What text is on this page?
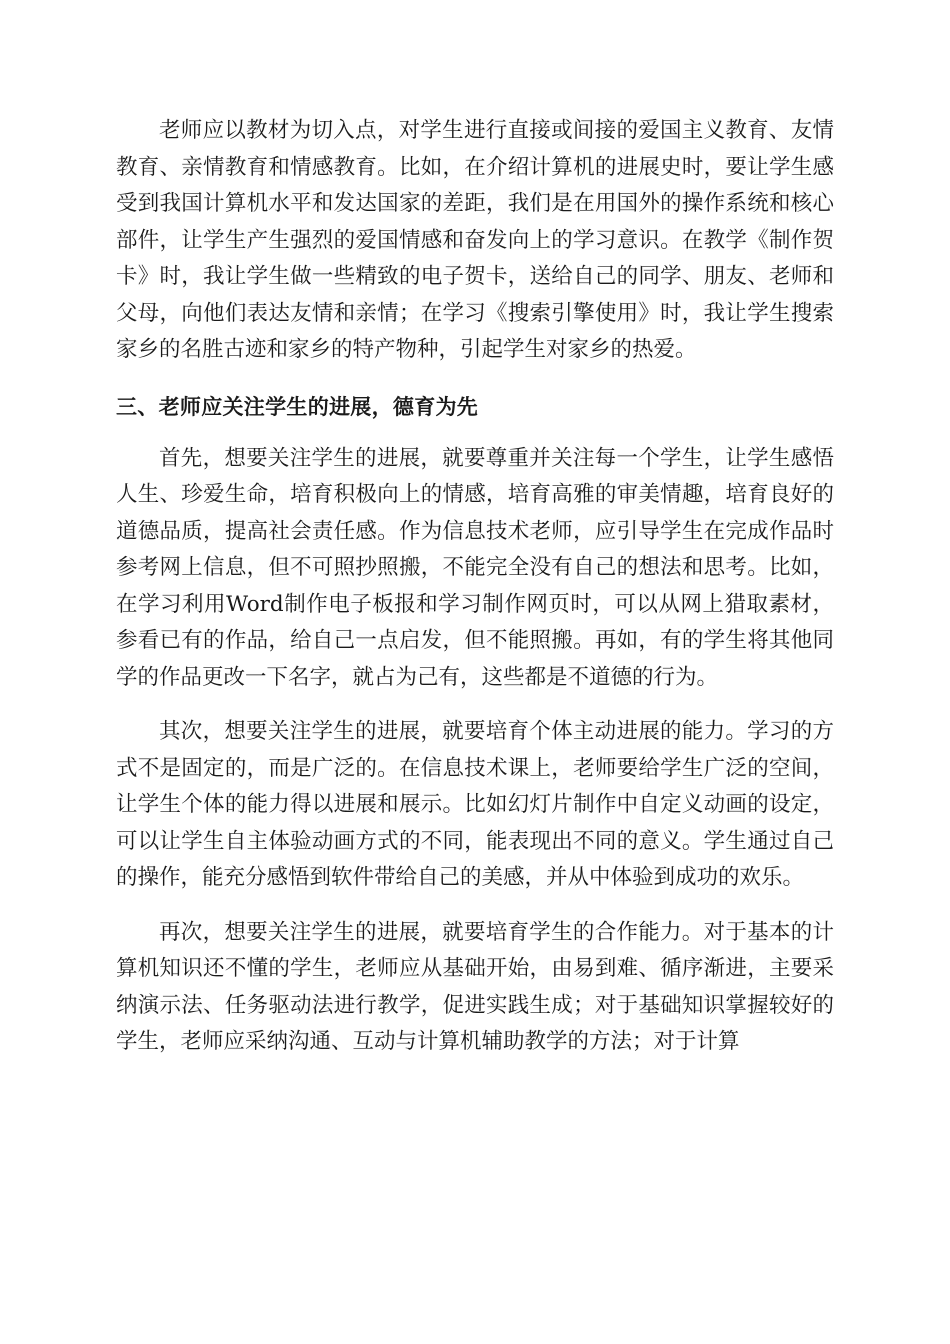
老师应以教材为切入点，对学生进行直接或间接的爱国主义教育、友情教育、亲情教育和情感教育。比如，在介绍计算机的进展史时，要让学生感受到我国计算机水平和发达国家的差距，我们是在用国外的操作系统和核心部件，让学生产生强烈的爱国情感和奋发向上的学习意识。在教学《制作贺卡》时，我让学生做一些精致的电子贺卡，送给自己的同学、朋友、老师和父母，向他们表达友情和亲情；在学习《搜索引擎使用》时，我让学生搜索家乡的名胜古迹和家乡的特产物种，引起学生对家乡的热爱。

三、老师应关注学生的进展，德育为先

首先，想要关注学生的进展，就要尊重并关注每一个学生，让学生感悟人生、珍爱生命，培育积极向上的情感，培育高雅的审美情趣，培育良好的道德品质，提高社会责任感。作为信息技术老师，应引导学生在完成作品时参考网上信息，但不可照抄照搬，不能完全没有自己的想法和思考。比如，在学习利用Word制作电子板报和学习制作网页时，可以从网上猎取素材，参看已有的作品，给自己一点启发，但不能照搬。再如，有的学生将其他同学的作品更改一下名字，就占为己有，这些都是不道德的行为。

其次，想要关注学生的进展，就要培育个体主动进展的能力。学习的方式不是固定的，而是广泛的。在信息技术课上，老师要给学生广泛的空间，让学生个体的能力得以进展和展示。比如幻灯片制作中自定义动画的设定，可以让学生自主体验动画方式的不同，能表现出不同的意义。学生通过自己的操作，能充分感悟到软件带给自己的美感，并从中体验到成功的欢乐。

再次，想要关注学生的进展，就要培育学生的合作能力。对于基本的计算机知识还不懂的学生，老师应从基础开始，由易到难、循序渐进，主要采纳演示法、任务驱动法进行教学，促进实践生成；对于基础知识掌握较好的学生，老师应采纳沟通、互动与计算机辅助教学的方法；对于计算
